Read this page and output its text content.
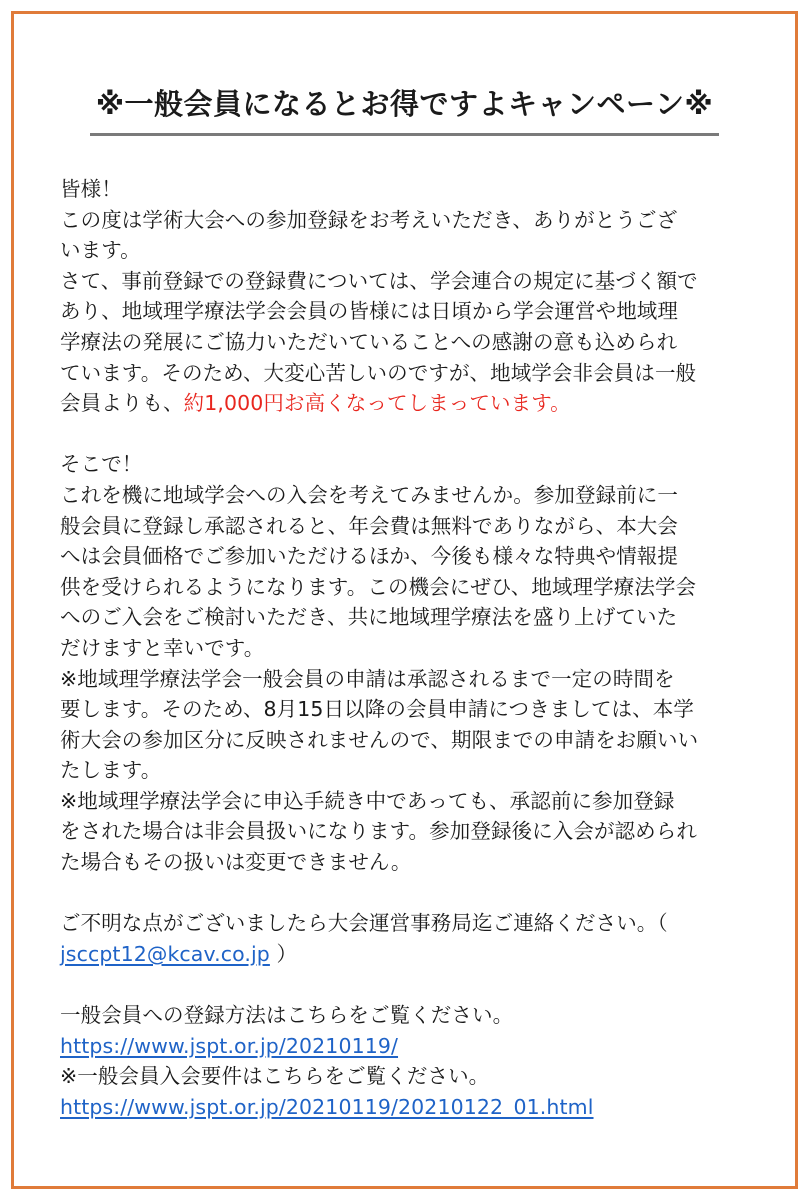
※一般会員になるとお得ですよキャンペーン※

皆様！

この度は学術大会への参加登録をお考えいただき、ありがとうござ

います。

さて、事前登録での登録費については、学会連合の規定に基づく額で

あり、地域理学療法学会会員の皆様には日頃から学会運営や地域理

学療法の発展にご協力いただいていることへの感謝の意も込められ

ています。そのため、大変心苦しいのですが、地域学会非会員は一般

会員よりも、約1,000円お高くなってしまっています。

そこで！

これを機に地域学会への入会を考えてみませんか。参加登録前に一

般会員に登録し承認されると、年会費は無料でありながら、本大会

へは会員価格でご参加いただけるほか、今後も様々な特典や情報提

供を受けられるようになります。この機会にぜひ、地域理学療法学会

へのご入会をご検討いただき、共に地域理学療法を盛り上げていた

だけますと幸いです。

※地域理学療法学会一般会員の申請は承認されるまで一定の時間を

要します。そのため、8月15日以降の会員申請につきましては、本学

術大会の参加区分に反映されませんので、期限までの申請をお願いい

たします。

※地域理学療法学会に申込手続き中であっても、承認前に参加登録

をされた場合は非会員扱いになります。参加登録後に入会が認められ

た場合もその扱いは変更できません。

ご不明な点がございましたら大会運営事務局迄ご連絡ください。（

jsccpt12@kcav.co.jp ）

一般会員への登録方法はこちらをご覧ください。

https://www.jspt.or.jp/20210119/

※一般会員入会要件はこちらをご覧ください。

https://www.jspt.or.jp/20210119/20210122_01.html
